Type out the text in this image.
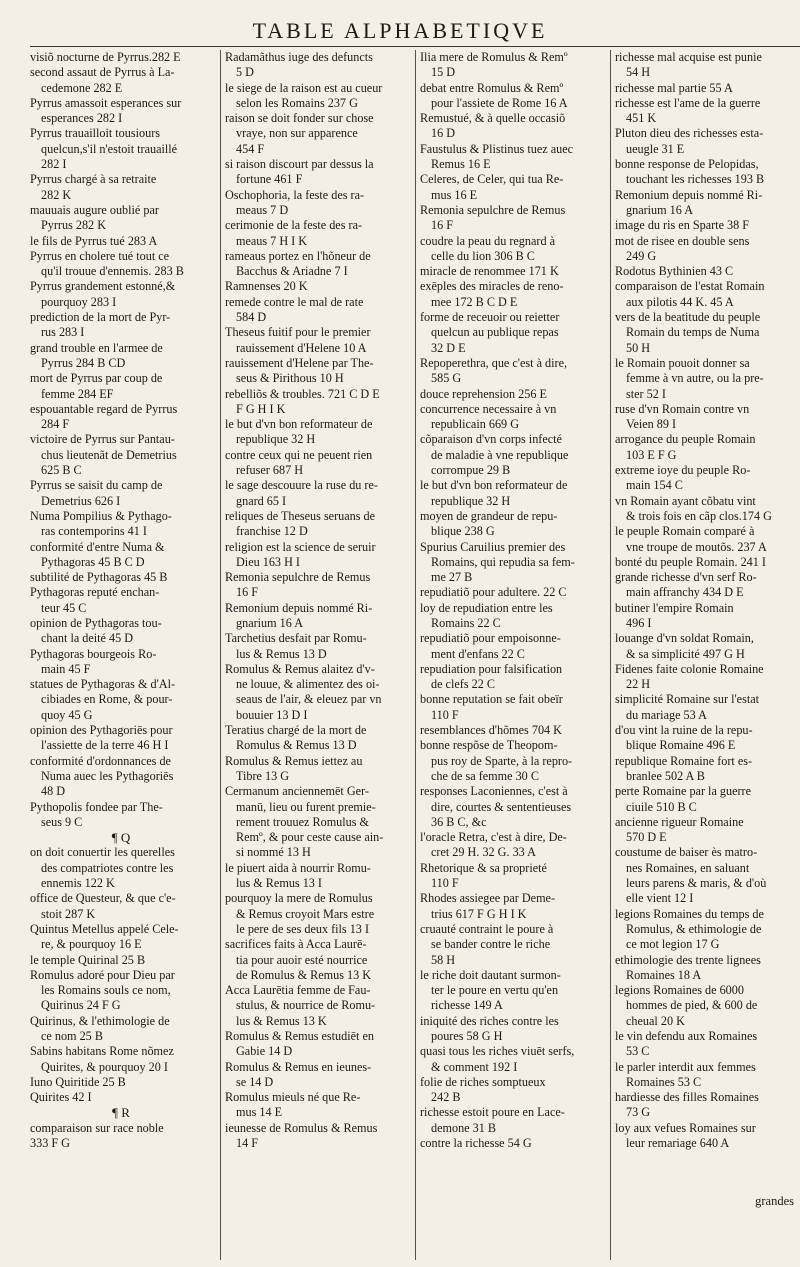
TABLE ALPHABETIQVE
visiõ nocturne de Pyrrus.282 E
second assaut de Pyrrus à La-
cedemone 282 E
Pyrrus amassoit esperances sur
esperances 282 I
Pyrrus trauailloit tousiours
quelcun,s'il n'estoit trauaillé
282 I
Pyrrus chargé à sa retraite
282 K
mauuais augure oublié par
Pyrrus 282 K
le fils de Pyrrus tué 283 A
Pyrrus en cholere tué tout ce
qu'il trouue d'ennemis. 283 B
Pyrrus grandement estonné,&
pourquoy 283 I
prediction de la mort de Pyr-
rus 283 I
grand trouble en l'armee de
Pyrrus 284 B CD
mort de Pyrrus par coup de
femme 284 EF
espouantable regard de Pyrrus
284 F
victoire de Pyrrus sur Pantau-
chus lieutenãt de Demetrius
625 B C
Pyrrus se saisit du camp de
Demetrius 626 I
Numa Pompilius & Pythago-
ras contemporins 41 I
conformité d'entre Numa &
Pythagoras 45 B C D
subtilité de Pythagoras 45 B
Pythagoras reputé enchan-
teur 45 C
opinion de Pythagoras tou-
chant la deité 45 D
Pythagoras bourgeois Ro-
main 45 F
statues de Pythagoras & d'Al-
cibiades en Rome, & pour-
quoy 45 G
opinion des Pythagoriēs pour
l'assiette de la terre 46 H I
conformité d'ordonnances de
Numa auec les Pythagoriēs
48 D
Pythopolis fondee par The-
seus 9 C
¶ Q
on doit conuertir les querelles
des compatriotes contre les
ennemis 122 K
office de Questeur, & que c'e-
stoit 287 K
Quintus Metellus appelé Cele-
re, & pourquoy 16 E
le temple Quirinal 25 B
Romulus adoré pour Dieu par
les Romains souls ce nom,
Quirinus 24 F G
Quirinus, & l'ethimologie de
ce nom 25 B
Sabins habitans Rome nõmez
Quirites, & pourquoy 20 I
Iuno Quiritide 25 B
Quirites 42 I
¶ R
comparaison sur race noble
333 F G
Radamãthus iuge des defuncts
5 D
le siege de la raison est au cueur
selon les Romains 237 G
raison se doit fonder sur chose
vraye, non sur apparence
454 F
si raison discourt par dessus la
fortune 461 F
Oschophoria, la feste des ra-
meaus 7 D
cerimonie de la feste des ra-
meaus 7 H I K
rameaus portez en l'hõneur de
Bacchus & Ariadne 7 I
Ramnenses 20 K
remede contre le mal de rate
584 D
Theseus fuitif pour le premier
rauissement d'Helene 10 A
rauissement d'Helene par The-
seus & Pirithous 10 H
rebelliõs & troubles. 721 C D E
F G H I K
le but d'vn bon reformateur de
republique 32 H
contre ceux qui ne peuent rien
refuser 687 H
le sage descouure la ruse du re-
gnard 65 I
reliques de Theseus seruans de
franchise 12 D
religion est la science de seruir
Dieu 163 H I
Remonia sepulchre de Remus
16 F
Remonium depuis nommé Ri-
gnarium 16 A
Tarchetius desfait par Romu-
lus & Remus 13 D
Romulus & Remus alaitez d'v-
ne louue, & alimentez des oi-
seaus de l'air, & eleuez par vn
bouuier 13 D I
Teratius chargé de la mort de
Romulus & Remus 13 D
Romulus & Remus iettez au
Tibre 13 G
Cermanum anciennemēt Ger-
manū, lieu ou furent premie-
rement trouuez Romulus &
Remº, & pour ceste cause ain-
si nommé 13 H
le piuert aida à nourrir Romu-
lus & Remus 13 I
pourquoy la mere de Romulus
& Remus croyoit Mars estre
le pere de ses deux fils 13 I
sacrifices faits à Acca Laurē-
tia pour auoir esté nourrice
de Romulus & Remus 13 K
Acca Laurētia femme de Fau-
stulus, & nourrice de Romu-
lus & Remus 13 K
Romulus & Remus estudiēt en
Gabie 14 D
Romulus & Remus en ieunes-
se 14 D
Romulus mieuls né que Re-
mus 14 E
ieunesse de Romulus & Remus
14 F
Ilia mere de Romulus & Remº
15 D
debat entre Romulus & Remº
pour l'assiete de Rome 16 A
Remustué, & à quelle occasiõ
16 D
Faustulus & Plistinus tuez auec
Remus 16 E
Celeres, de Celer, qui tua Re-
mus 16 E
Remonia sepulchre de Remus
16 F
coudre la peau du regnard à
celle du lion 306 B C
miracle de renommee 171 K
exēples des miracles de reno-
mee 172 B C D E
forme de receuoir ou reietter
quelcun au publique repas
32 D E
Repoperethra, que c'est à dire,
585 G
douce reprehension 256 E
concurrence necessaire à vn
republicain 669 G
cõparaison d'vn corps infecté
de maladie à vne republique
corrompue 29 B
le but d'vn bon reformateur de
republique 32 H
moyen de grandeur de repu-
blique 238 G
Spurius Caruilius premier des
Romains, qui repudia sa fem-
me 27 B
repudiatiõ pour adultere. 22 C
loy de repudiation entre les
Romains 22 C
repudiatiõ pour empoisonne-
ment d'enfans 22 C
repudiation pour falsification
de clefs 22 C
bonne reputation se fait obeïr
110 F
resemblances d'hõmes 704 K
bonne respõse de Theopom-
pus roy de Sparte, à la repro-
che de sa femme 30 C
responses Laconiennes, c'est à
dire, courtes & sententieuses
36 B C, &c
l'oracle Retra, c'est à dire, De-
cret 29 H. 32 G. 33 A
Rhetorique & sa proprieté
110 F
Rhodes assiegee par Deme-
trius 617 F G H I K
cruauté contraint le poure à
se bander contre le riche
58 H
le riche doit dautant surmon-
ter le poure en vertu qu'en
richesse 149 A
iniquité des riches contre les
poures 58 G H
quasi tous les riches viuēt serfs,
& comment 192 I
folie de riches somptueux
242 B
richesse estoit poure en Lace-
demone 31 B
contre la richesse 54 G
richesse mal acquise est punie
54 H
richesse mal partie 55 A
richesse est l'ame de la guerre
451 K
Pluton dieu des richesses esta-
ueugle 31 E
bonne response de Pelopidas,
touchant les richesses 193 B
Remonium depuis nommé Ri-
gnarium 16 A
image du ris en Sparte 38 F
mot de risee en double sens
249 G
Rodotus Bythinien 43 C
comparaison de l'estat Romain
aux pilotis 44 K. 45 A
vers de la beatitude du peuple
Romain du temps de Numa
50 H
le Romain pouoit donner sa
femme à vn autre, ou la pre-
ster 52 I
ruse d'vn Romain contre vn
Veien 89 I
arrogance du peuple Romain
103 E F G
extreme ioye du peuple Ro-
main 154 C
vn Romain ayant cõbatu vint
& trois fois en cãp clos.174 G
le peuple Romain comparé à
vne troupe de moutõs. 237 A
bonté du peuple Romain. 241 I
grande richesse d'vn serf Ro-
main affranchy 434 D E
butiner l'empire Romain
496 I
louange d'vn soldat Romain,
& sa simplicité 497 G H
Fidenes faite colonie Romaine
22 H
simplicité Romaine sur l'estat
du mariage 53 A
d'ou vint la ruine de la repu-
blique Romaine 496 E
republique Romaine fort es-
branlee 502 A B
perte Romaine par la guerre
ciuile 510 B C
ancienne rigueur Romaine
570 D E
coustume de baiser ès matro-
nes Romaines, en saluant
leurs parens & maris, & d'où
elle vient 12 I
legions Romaines du temps de
Romulus, & ethimologie de
ce mot legion 17 G
ethimologie des trente lignees
Romaines 18 A
legions Romaines de 6000
hommes de pied, & 600 de
cheual 20 K
le vin defendu aux Romaines
53 C
le parler interdit aux femmes
Romaines 53 C
hardiesse des filles Romaines
73 G
loy aux vefues Romaines sur
leur remariage 640 A
grandes
